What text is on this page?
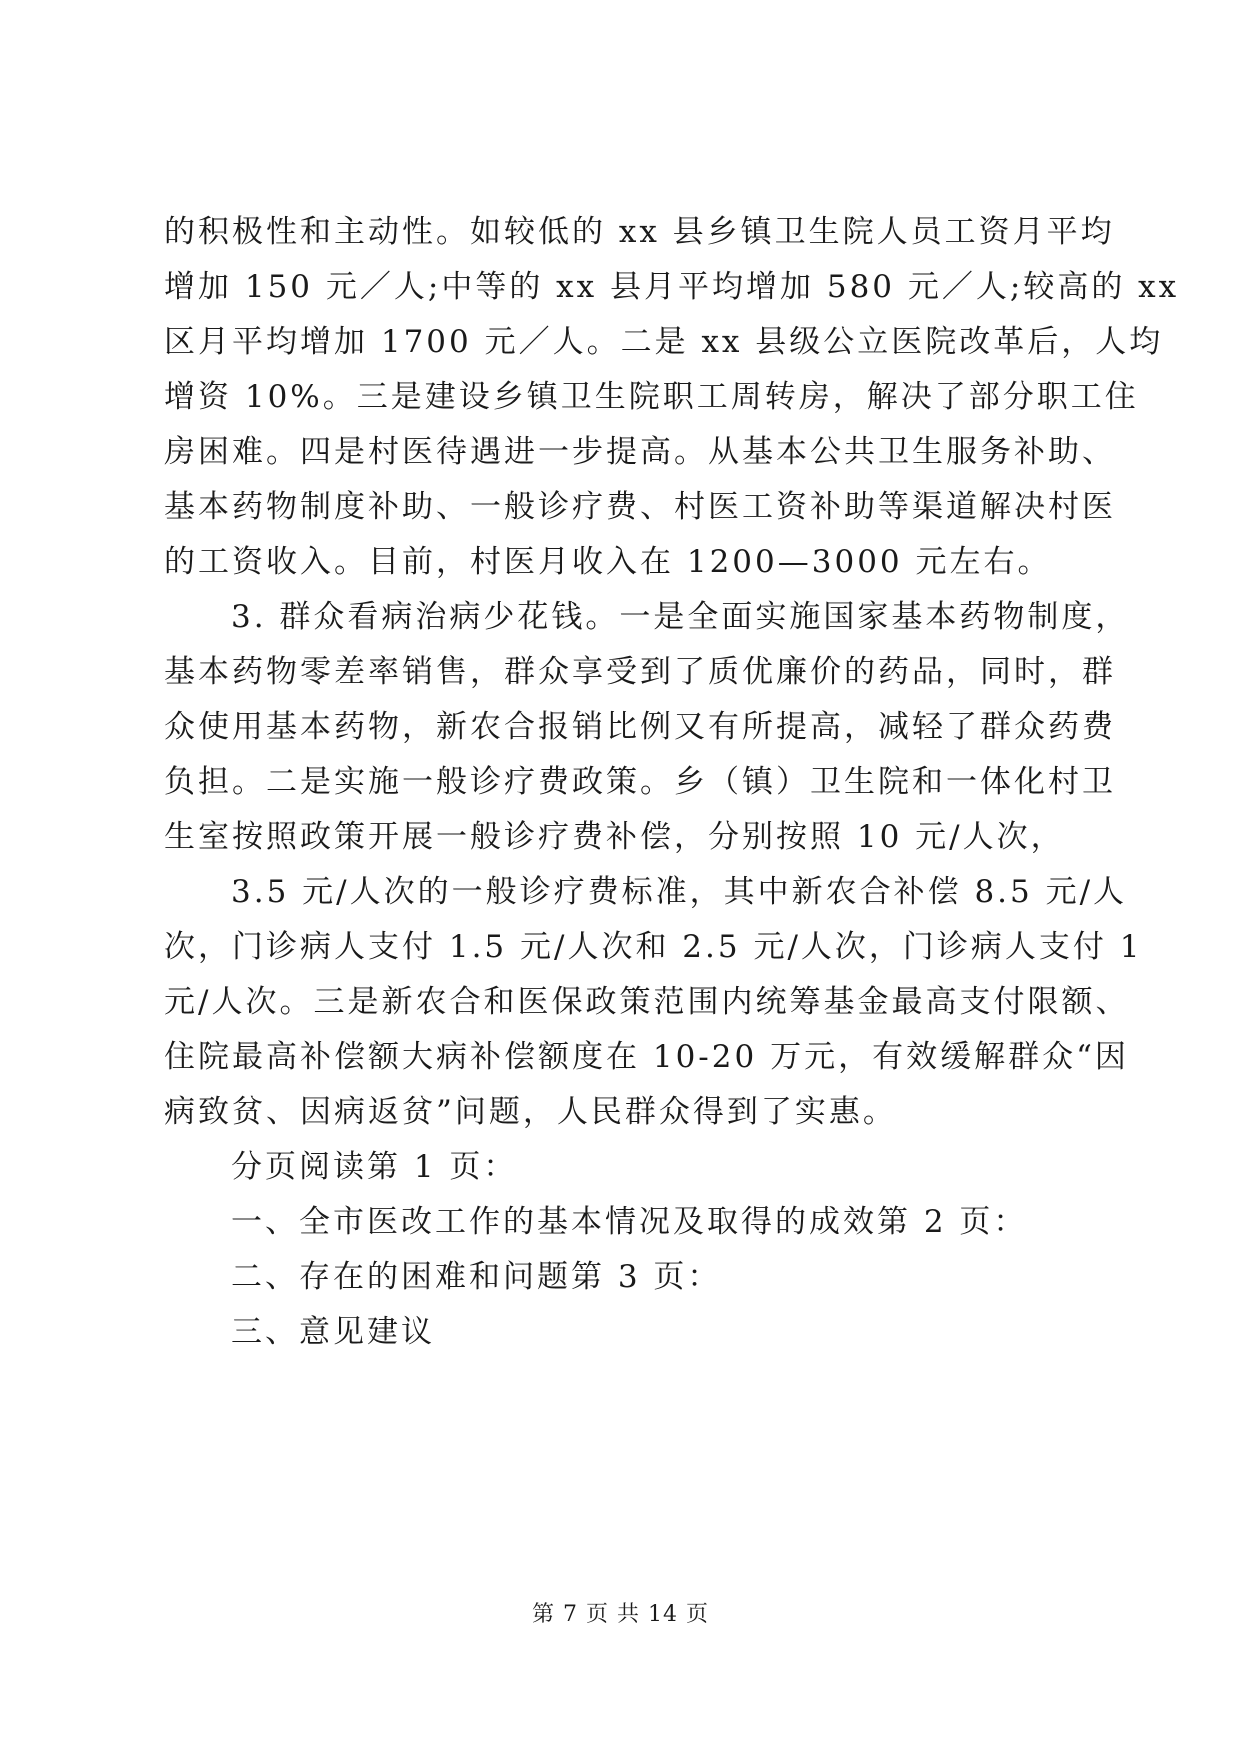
的积极性和主动性。如较低的 xx 县乡镇卫生院人员工资月平均
增加 150 元／人;中等的 xx 县月平均增加 580 元／人;较高的 xx
区月平均增加 1700 元／人。二是 xx 县级公立医院改革后，人均
增资 10%。三是建设乡镇卫生院职工周转房，解决了部分职工住
房困难。四是村医待遇进一步提高。从基本公共卫生服务补助、
基本药物制度补助、一般诊疗费、村医工资补助等渠道解决村医
的工资收入。目前，村医月收入在 1200—3000 元左右。
3. 群众看病治病少花钱。一是全面实施国家基本药物制度，
基本药物零差率销售，群众享受到了质优廉价的药品，同时，群
众使用基本药物，新农合报销比例又有所提高，减轻了群众药费
负担。二是实施一般诊疗费政策。乡（镇）卫生院和一体化村卫
生室按照政策开展一般诊疗费补偿，分别按照 10 元/人次，
3.5 元/人次的一般诊疗费标准，其中新农合补偿 8.5 元/人
次，门诊病人支付 1.5 元/人次和 2.5 元/人次，门诊病人支付 1
元/人次。三是新农合和医保政策范围内统筹基金最高支付限额、
住院最高补偿额大病补偿额度在 10-20 万元，有效缓解群众“因
病致贫、因病返贫”问题，人民群众得到了实惠。
分页阅读第 1 页：
一、全市医改工作的基本情况及取得的成效第 2 页：
二、存在的困难和问题第 3 页：
三、意见建议
第 7 页 共 14 页
